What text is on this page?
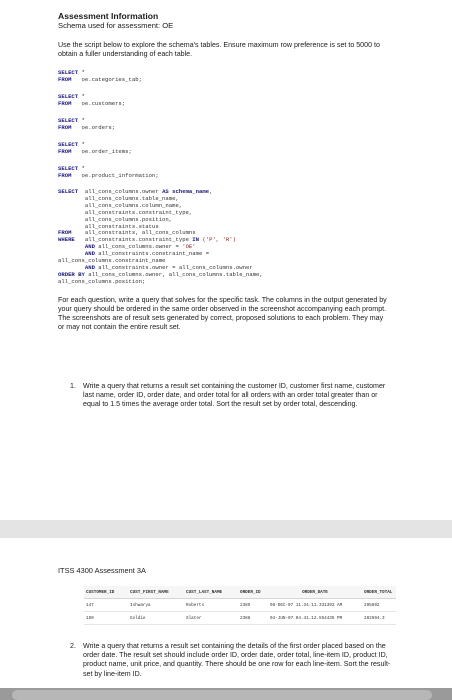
Assessment Information
Schema used for assessment: OE
Use the script below to explore the schema's tables. Ensure maximum row preference is set to 5000 to obtain a fuller understanding of each table.
SELECT *
FROM   oe.categories_tab;
SELECT *
FROM   oe.customers;
SELECT *
FROM   oe.orders;
SELECT *
FROM   oe.order_items;
SELECT *
FROM   oe.product_information;
SELECT  all_cons_columns.owner AS schema_name,
all_cons_columns.table_name,
all_cons_columns.column_name,
all_constraints.constraint_type,
all_cons_columns.position,
all_constraints.status
FROM    all_constraints, all_cons_columns
WHERE   all_constraints.constraint_type IN ('P', 'R')
AND all_cons_columns.owner = 'OE'
AND all_constraints.constraint_name =
all_cons_columns.constraint_name
AND all_constraints.owner = all_cons_columns.owner
ORDER BY all_cons_columns.owner, all_cons_columns.table_name,
all_cons_columns.position;
For each question, write a query that solves for the specific task. The columns in the output generated by your query should be ordered in the same order observed in the screenshot accompanying each prompt. The screenshots are of result sets generated by correct, proposed solutions to each problem. They may or may not contain the entire result set.
1. Write a query that returns a result set containing the customer ID, customer first name, customer last name, order ID, order date, and order total for all orders with an order total greater than or equal to 1.5 times the average order total. Sort the result set by order total, descending.
ITSS 4300 Assessment 3A
CUSTOMER_ID	CUST_FIRST_NAME	CUST_LAST_NAME	ORDER_ID	ORDER_DATE	ORDER_TOTAL
147	Ishwarya	Roberts	2385	08-DEC-07 11.34.11.331392 AM	295892
150	Goldie	Slater	2388	04-JUN-07 04.41.12.554435 PM	282694.3
2. Write a query that returns a result set containing the details of the first order placed based on the order date. The result set should include order ID, order date, order total, line-item ID, product ID, product name, unit price, and quantity. There should be one row for each line-item. Sort the result-set by line-item ID.
